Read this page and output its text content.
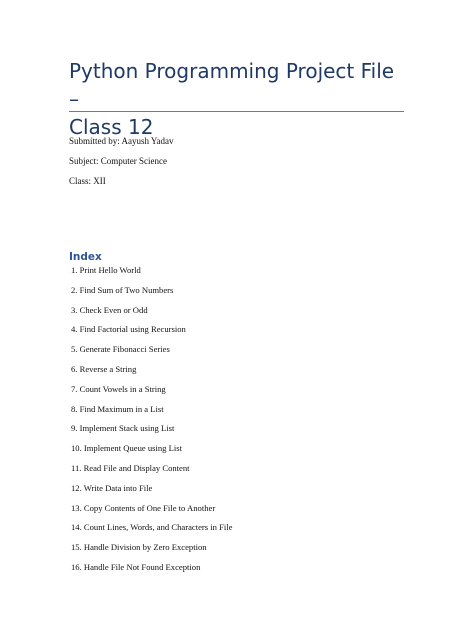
Python Programming Project File –
Class 12

Submitted by: Aayush Yadav

Subject: Computer Science

Class: XII

Index
1. Print Hello World
2. Find Sum of Two Numbers
3. Check Even or Odd
4. Find Factorial using Recursion
5. Generate Fibonacci Series
6. Reverse a String
7. Count Vowels in a String
8. Find Maximum in a List
9. Implement Stack using List
10. Implement Queue using List
11. Read File and Display Content
12. Write Data into File
13. Copy Contents of One File to Another
14. Count Lines, Words, and Characters in File
15. Handle Division by Zero Exception
16. Handle File Not Found Exception
